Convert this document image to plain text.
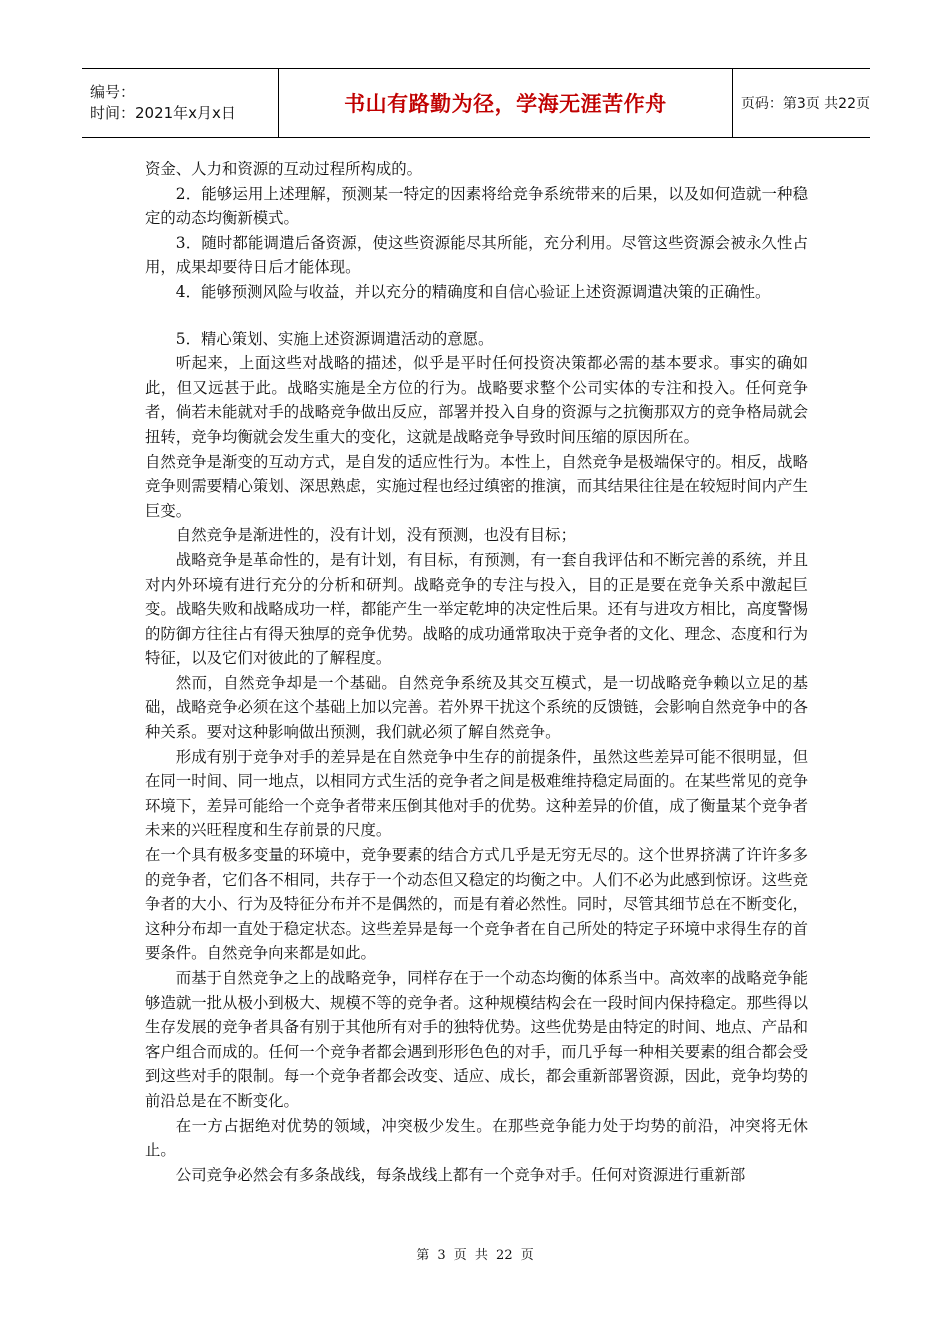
编号：
时间：2021年x月x日	书山有路勤为径，学海无涯苦作舟	页码：第3页 共22页

资金、人力和资源的互动过程所构成的。

2．能够运用上述理解，预测某一特定的因素将给竞争系统带来的后果，以及如何造就一种稳定的动态均衡新模式。

3．随时都能调遣后备资源，使这些资源能尽其所能，充分利用。尽管这些资源会被永久性占用，成果却要待日后才能体现。

4．能够预测风险与收益，并以充分的精确度和自信心验证上述资源调遣决策的正确性。

5．精心策划、实施上述资源调遣活动的意愿。

听起来，上面这些对战略的描述，似乎是平时任何投资决策都必需的基本要求。事实的确如此，但又远甚于此。战略实施是全方位的行为。战略要求整个公司实体的专注和投入。任何竞争者，倘若未能就对手的战略竞争做出反应，部署并投入自身的资源与之抗衡那双方的竞争格局就会扭转，竞争均衡就会发生重大的变化，这就是战略竞争导致时间压缩的原因所在。

自然竞争是渐变的互动方式，是自发的适应性行为。本性上，自然竞争是极端保守的。相反，战略竞争则需要精心策划、深思熟虑，实施过程也经过缜密的推演，而其结果往往是在较短时间内产生巨变。

自然竞争是渐进性的，没有计划，没有预测，也没有目标；

战略竞争是革命性的，是有计划，有目标，有预测，有一套自我评估和不断完善的系统，并且对内外环境有进行充分的分析和研判。战略竞争的专注与投入，目的正是要在竞争关系中激起巨变。战略失败和战略成功一样，都能产生一举定乾坤的决定性后果。还有与进攻方相比，高度警惕的防御方往往占有得天独厚的竞争优势。战略的成功通常取决于竞争者的文化、理念、态度和行为特征，以及它们对彼此的了解程度。

然而，自然竞争却是一个基础。自然竞争系统及其交互模式，是一切战略竞争赖以立足的基础，战略竞争必须在这个基础上加以完善。若外界干扰这个系统的反馈链，会影响自然竞争中的各种关系。要对这种影响做出预测，我们就必须了解自然竞争。

形成有别于竞争对手的差异是在自然竞争中生存的前提条件，虽然这些差异可能不很明显，但在同一时间、同一地点，以相同方式生活的竞争者之间是极难维持稳定局面的。在某些常见的竞争环境下，差异可能给一个竞争者带来压倒其他对手的优势。这种差异的价值，成了衡量某个竞争者未来的兴旺程度和生存前景的尺度。

在一个具有极多变量的环境中，竞争要素的结合方式几乎是无穷无尽的。这个世界挤满了许许多多的竞争者，它们各不相同，共存于一个动态但又稳定的均衡之中。人们不必为此感到惊讶。这些竞争者的大小、行为及特征分布并不是偶然的，而是有着必然性。同时，尽管其细节总在不断变化，这种分布却一直处于稳定状态。这些差异是每一个竞争者在自己所处的特定子环境中求得生存的首要条件。自然竞争向来都是如此。

而基于自然竞争之上的战略竞争，同样存在于一个动态均衡的体系当中。高效率的战略竞争能够造就一批从极小到极大、规模不等的竞争者。这种规模结构会在一段时间内保持稳定。那些得以生存发展的竞争者具备有别于其他所有对手的独特优势。这些优势是由特定的时间、地点、产品和客户组合而成的。任何一个竞争者都会遇到形形色色的对手，而几乎每一种相关要素的组合都会受到这些对手的限制。每一个竞争者都会改变、适应、成长，都会重新部署资源，因此，竞争均势的前沿总是在不断变化。

在一方占据绝对优势的领域，冲突极少发生。在那些竞争能力处于均势的前沿，冲突将无休止。

公司竞争必然会有多条战线，每条战线上都有一个竞争对手。任何对资源进行重新部

第 3 页 共 22 页
